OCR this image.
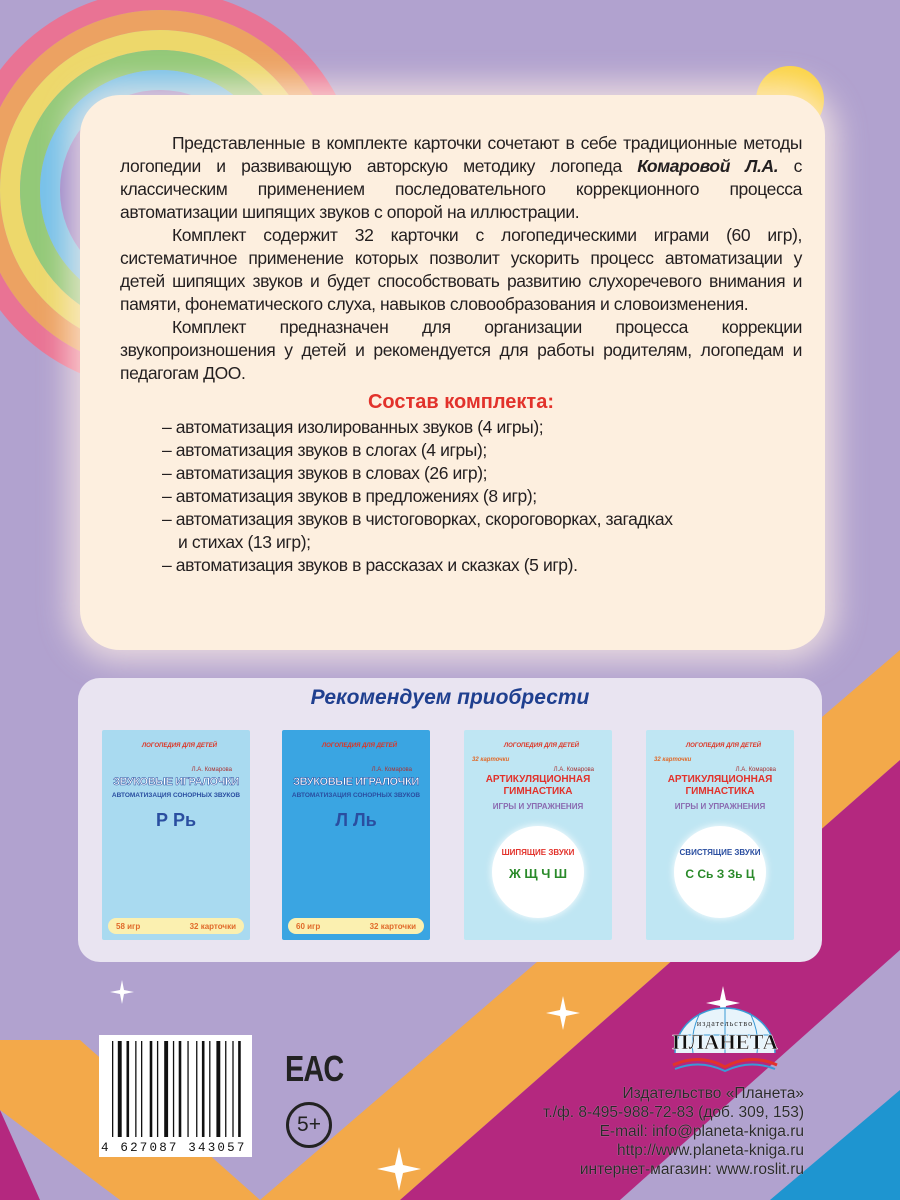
Представленные в комплекте карточки сочетают в себе традиционные методы логопедии и развивающую авторскую методику логопеда Комаровой Л.А. с классическим применением последовательного коррекционного процесса автоматизации шипящих звуков с опорой на иллюстрации.

Комплект содержит 32 карточки с логопедическими играми (60 игр), систематичное применение которых позволит ускорить процесс автоматизации у детей шипящих звуков и будет способствовать развитию слухоречевого внимания и памяти, фонематического слуха, навыков словообразования и словоизменения.

Комплект предназначен для организации процесса коррекции звукопроизношения у детей и рекомендуется для работы родителям, логопедам и педагогам ДОО.

Состав комплекта:
– автоматизация изолированных звуков (4 игры);
– автоматизация звуков в слогах (4 игры);
– автоматизация звуков в словах (26 игр);
– автоматизация звуков в предложениях (8 игр);
– автоматизация звуков в чистоговорках, скороговорках, загадках
и стихах (13 игр);
– автоматизация звуков в рассказах и сказках (5 игр).
Рекомендуем приобрести
ЛОГОПЕДИЯ ДЛЯ ДЕТЕЙ
Л.А. Комарова
ЗВУКОВЫЕ ИГРАЛОЧКИ
АВТОМАТИЗАЦИЯ СОНОРНЫХ ЗВУКОВ
Р Рь
58 игр	32 карточки
ЛОГОПЕДИЯ ДЛЯ ДЕТЕЙ
Л.А. Комарова
ЗВУКОВЫЕ ИГРАЛОЧКИ
АВТОМАТИЗАЦИЯ СОНОРНЫХ ЗВУКОВ
Л Ль
60 игр	32 карточки
ЛОГОПЕДИЯ ДЛЯ ДЕТЕЙ
32 карточки
Л.А. Комарова
АРТИКУЛЯЦИОННАЯ ГИМНАСТИКА
ИГРЫ И УПРАЖНЕНИЯ
ШИПЯЩИЕ ЗВУКИ
Ж Щ Ч Ш
ЛОГОПЕДИЯ ДЛЯ ДЕТЕЙ
32 карточки
Л.А. Комарова
АРТИКУЛЯЦИОННАЯ ГИМНАСТИКА
ИГРЫ И УПРАЖНЕНИЯ
СВИСТЯЩИЕ ЗВУКИ
С Сь З Зь Ц
4 627087 343057
EAC
5+
издательство
ПЛАНЕТА
Издательство «Планета»
т./ф. 8-495-988-72-83 (доб. 309, 153)
E-mail: info@planeta-kniga.ru
http://www.planeta-kniga.ru
интернет-магазин: www.roslit.ru
